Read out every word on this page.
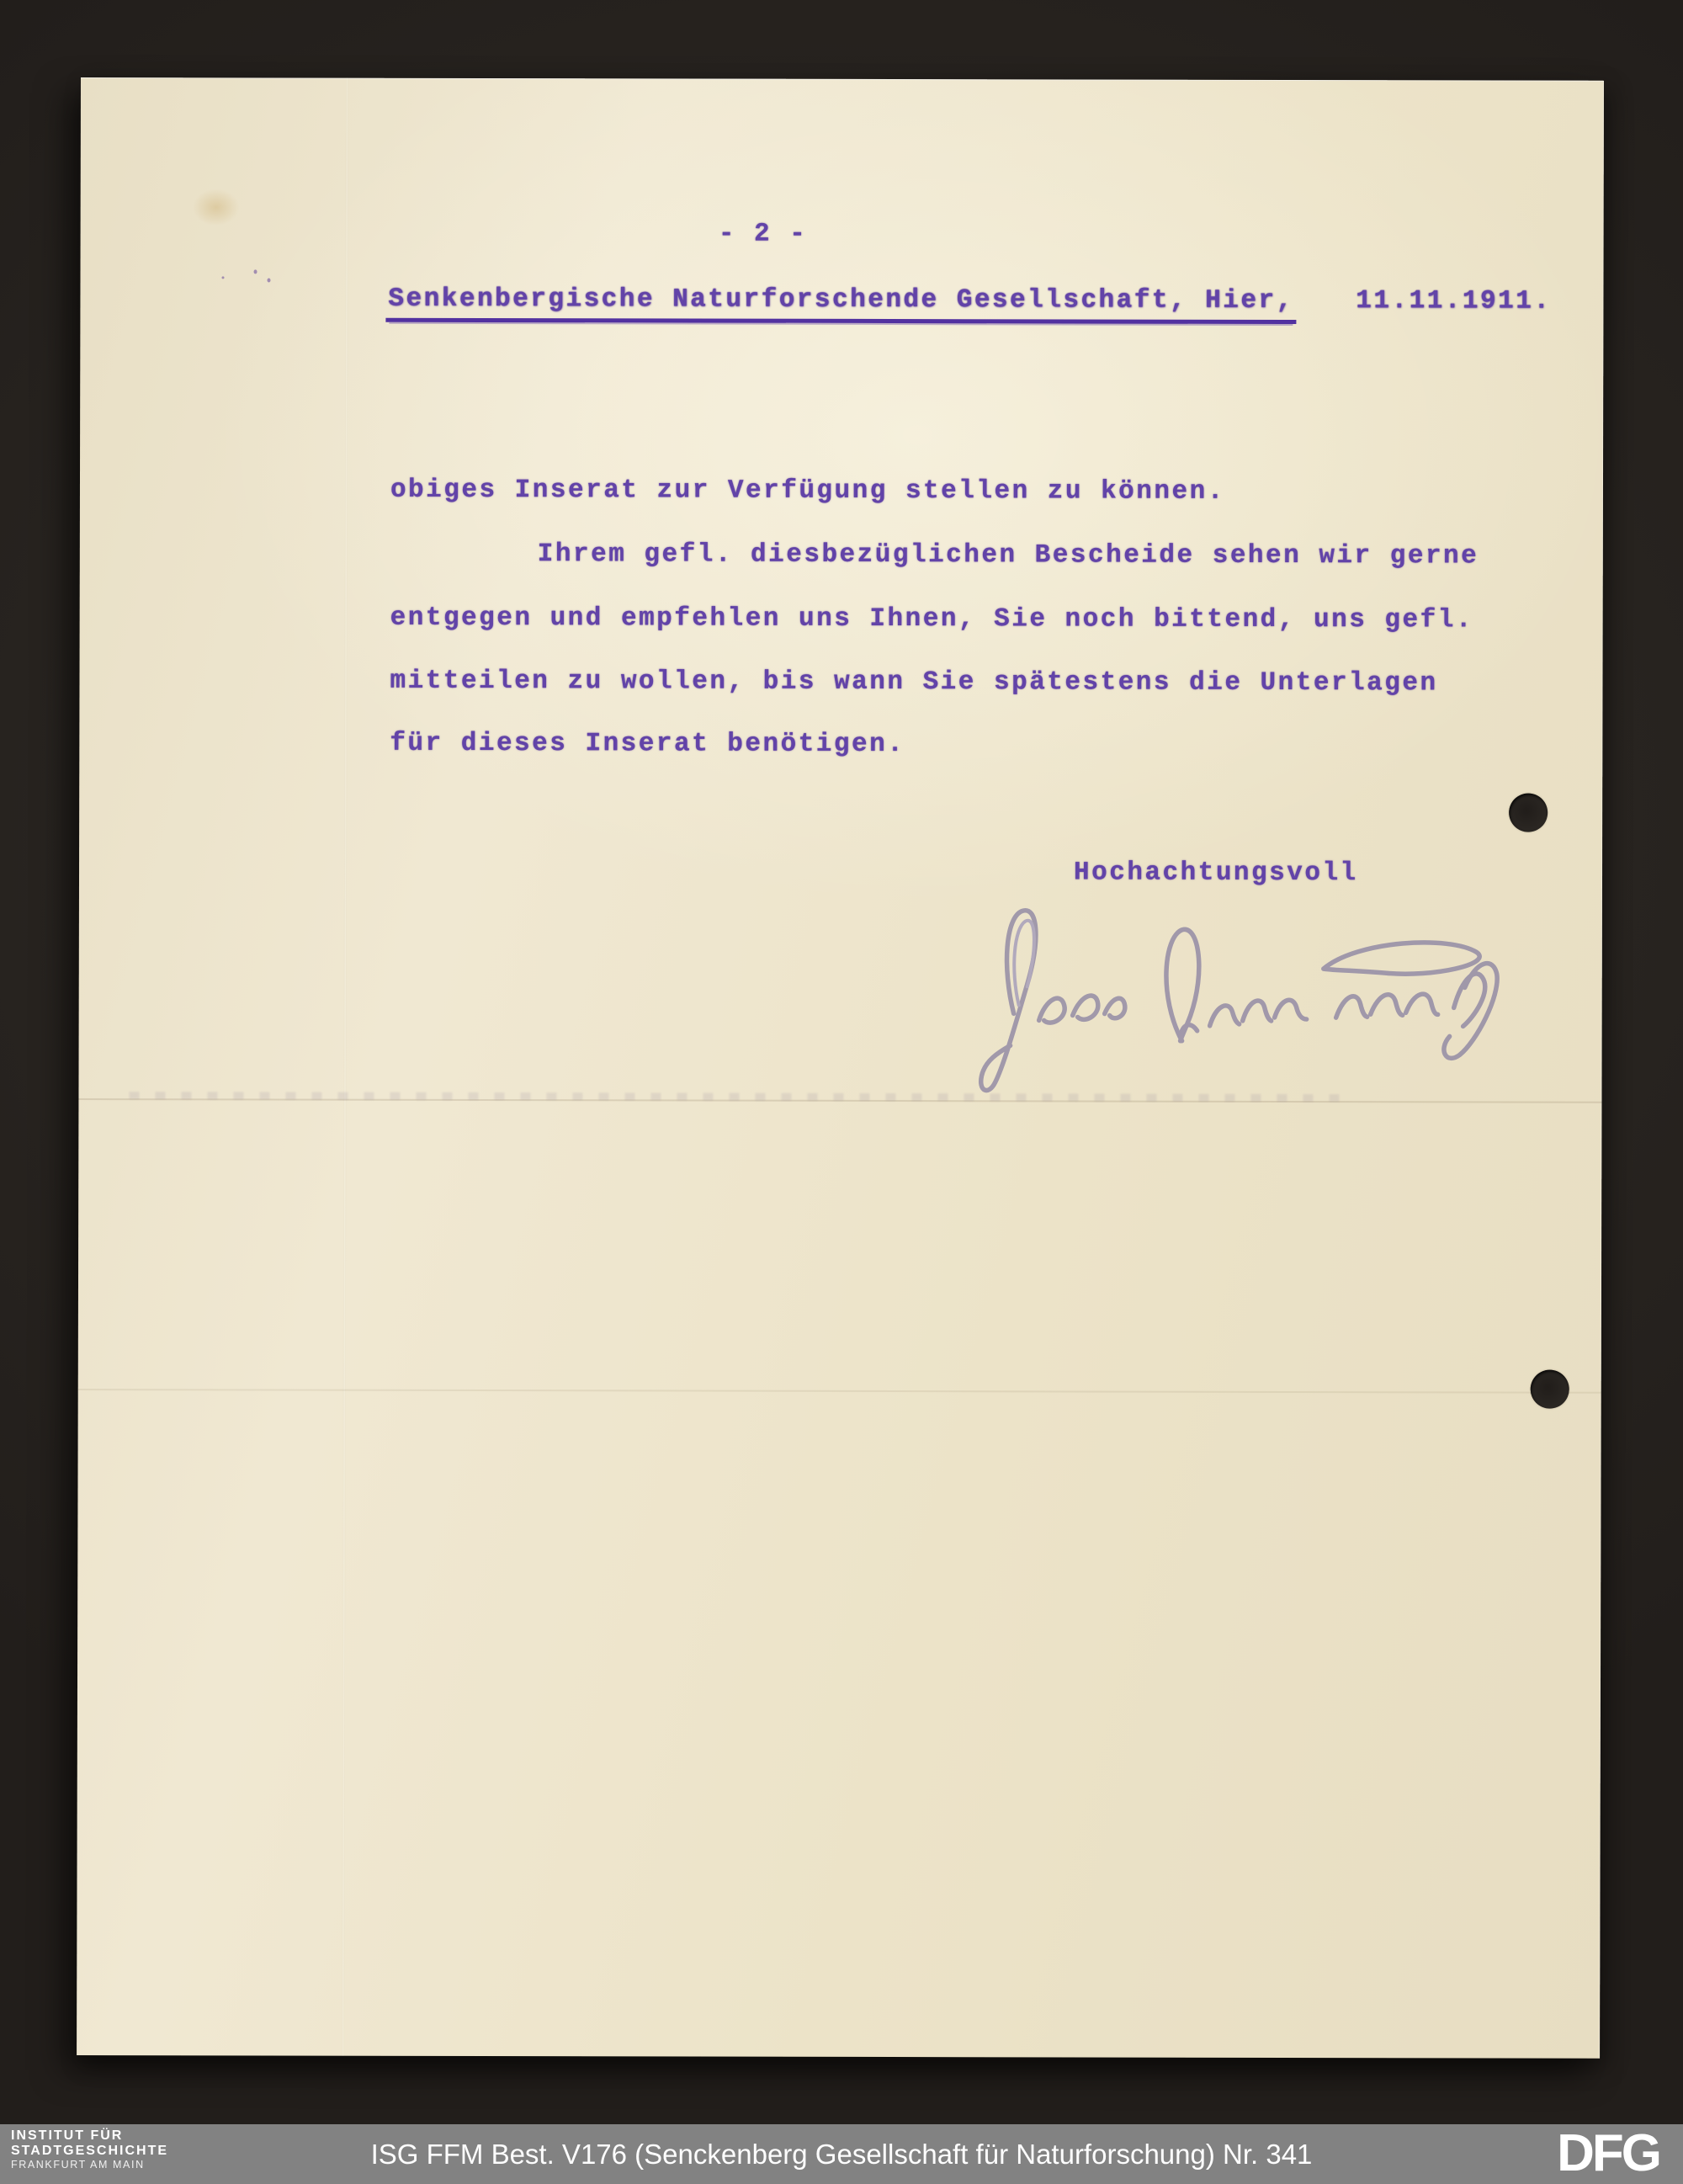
- 2 -
Senkenbergische Naturforschende Gesellschaft, Hier, 11.11.1911.
obiges Inserat zur Verfügung stellen zu können.
Ihrem gefl. diesbezüglichen Bescheide sehen wir gerne
entgegen und empfehlen uns Ihnen, Sie noch bittend, uns gefl.
mitteilen zu wollen, bis wann Sie spätestens die Unterlagen
für dieses Inserat benötigen.
Hochachtungsvoll
INSTITUT FÜR
STADTGESCHICHTE
FRANKFURT AM MAIN	ISG FFM Best. V176 (Senckenberg Gesellschaft für Naturforschung) Nr. 341	DFG
